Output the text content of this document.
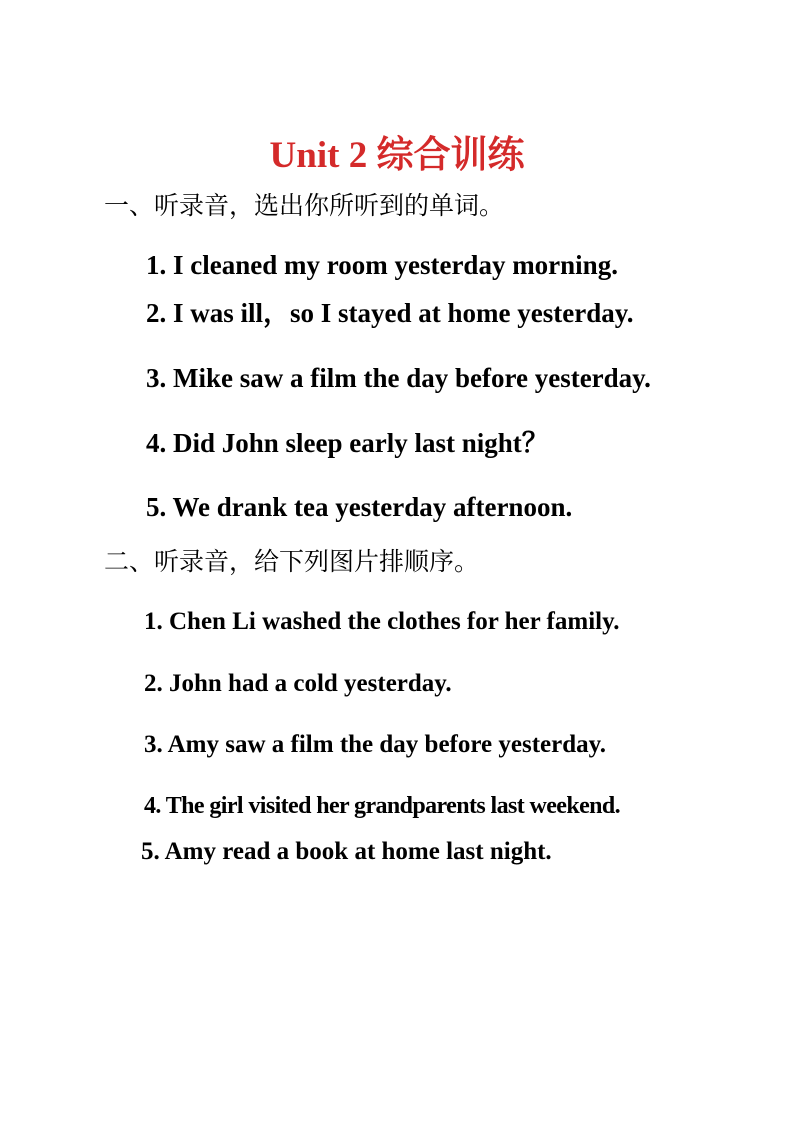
Unit 2 综合训练
一、听录音，选出你所听到的单词。
1. I cleaned my room yesterday morning.
2. I was ill，so I stayed at home yesterday.
3. Mike saw a film the day before yesterday.
4. Did John sleep early last night？
5. We drank tea yesterday afternoon.
二、听录音，给下列图片排顺序。
1. Chen Li washed the clothes for her family.
2. John had a cold yesterday.
3. Amy saw a film the day before yesterday.
4. The girl visited her grandparents last weekend.
5. Amy read a book at home last night.
